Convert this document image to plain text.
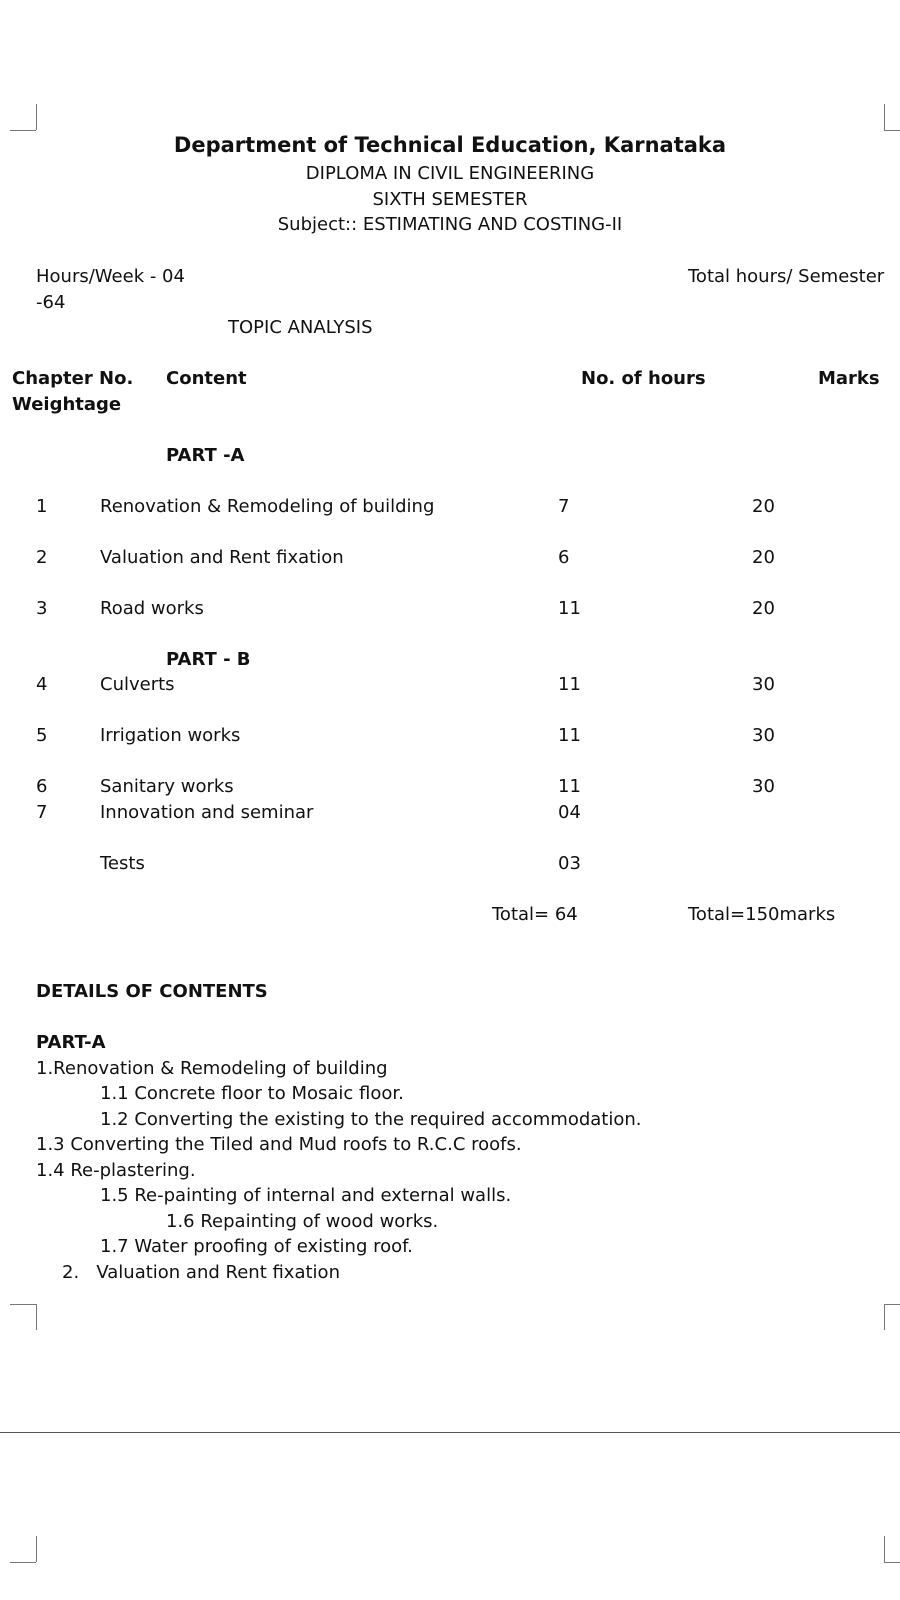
Department of Technical Education, Karnataka
DIPLOMA IN CIVIL ENGINEERING
SIXTH SEMESTER
Subject:: ESTIMATING AND COSTING-II
Hours/Week - 04	Total hours/ Semester
-64
TOPIC ANALYSIS
Chapter No. Content	No. of hours	Marks
Weightage
PART -A
1	Renovation & Remodeling of building	7	20
2	Valuation and Rent fixation	6	20
3	Road works	11	20
PART - B
4	Culverts	11	30
5	Irrigation works	11	30
6	Sanitary works	11	30
7	Innovation and seminar	04
Tests	03
Total= 64	Total=150marks
DETAILS OF CONTENTS
PART-A
1.Renovation & Remodeling of building
1.1 Concrete floor to Mosaic floor.
1.2 Converting the existing to the required accommodation.
1.3 Converting the Tiled and Mud roofs to R.C.C roofs.
1.4 Re-plastering.
1.5 Re-painting of internal and external walls.
1.6 Repainting of wood works.
1.7 Water proofing of existing roof.
2.   Valuation and Rent fixation
